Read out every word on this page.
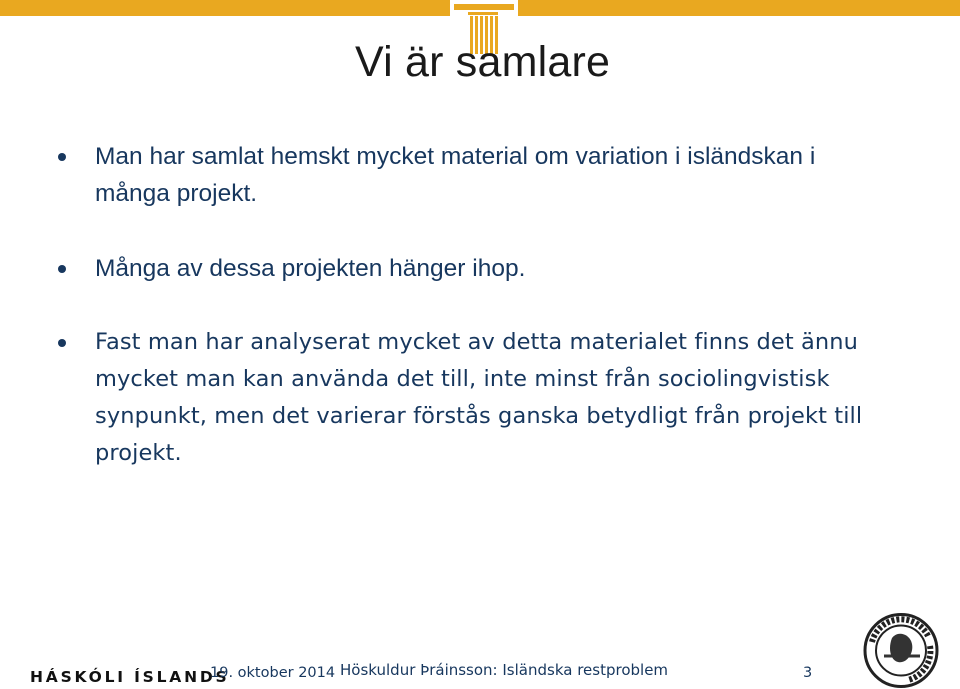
Vi är samlare
Man har samlat hemskt mycket material om variation i isländskan i många projekt.
Många av dessa projekten hänger ihop.
Fast man har analyserat mycket av detta materialet finns det ännu mycket man kan använda det till, inte minst från sociolingvistisk synpunkt, men det varierar förstås ganska betydligt från projekt till projekt.
HÁSKÓLI ÍSLANDS
19. oktober 2014 Höskuldur Þráinsson: Isländska restproblem	3
